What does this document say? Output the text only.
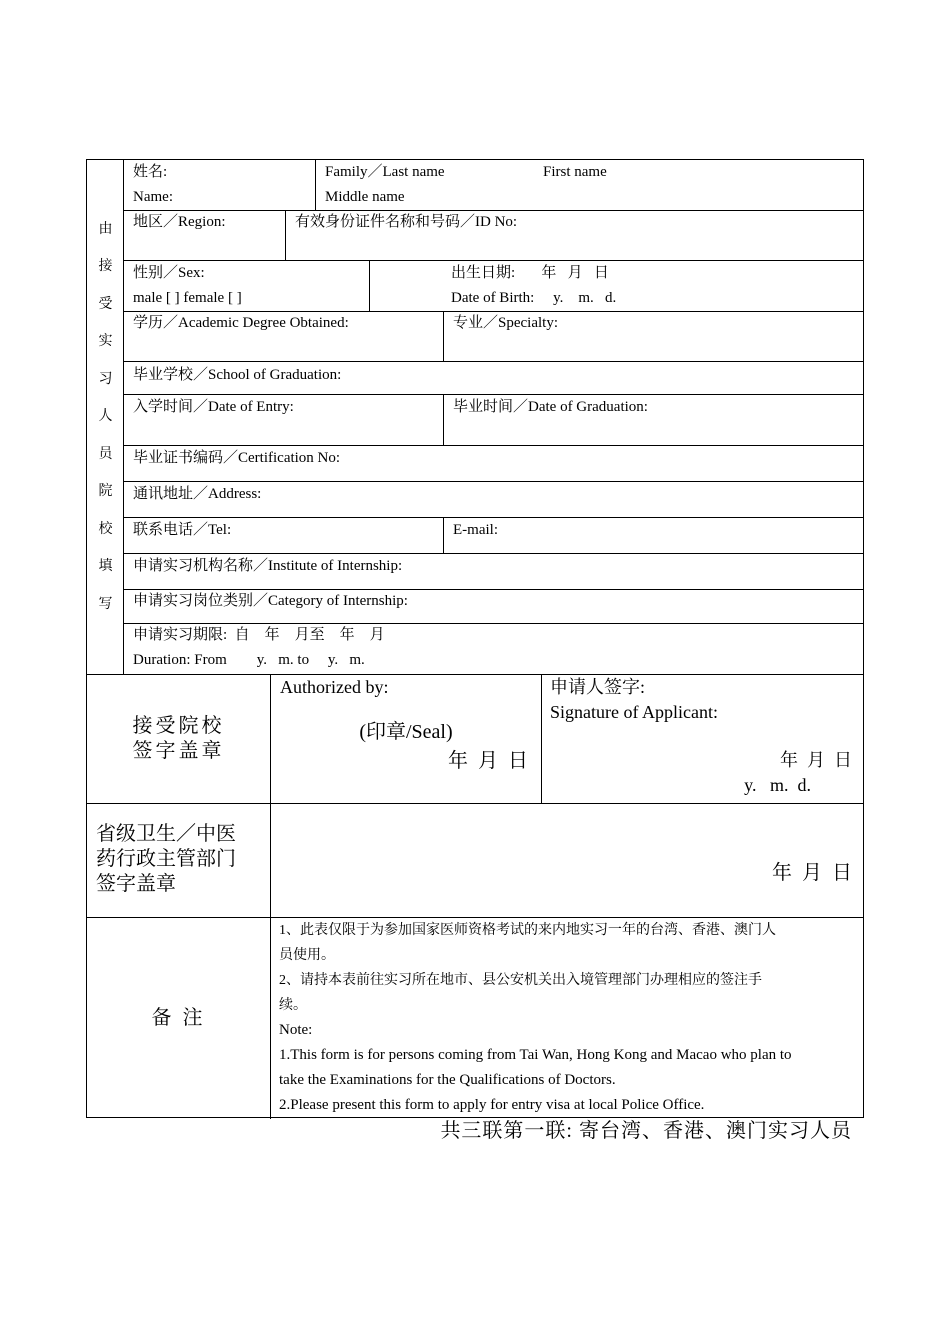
由
接
受
实
习
人
员
院
校
填
写
姓名:
Name:
Family／Last name	First name
Middle name
地区／Region:	有效身份证件名称和号码／ID No:
性别／Sex:
male [ ] female [ ]
出生日期:       年   月   日
Date of Birth:     y.    m.   d.
学历／Academic Degree Obtained:	专业／Specialty:
毕业学校／School of Graduation:
入学时间／Date of Entry:	毕业时间／Date of Graduation:
毕业证书编码／Certification No:
通讯地址／Address:
联系电话／Tel:	E-mail:
申请实习机构名称／Institute of Internship:
申请实习岗位类别／Category of Internship:
申请实习期限:  自    年    月至    年    月
Duration: From        y.   m. to     y.   m.
接受院校
签字盖章
Authorized by:
(印章/Seal)
年  月  日
申请人签字:
Signature of Applicant:
年  月  日
y.   m.  d.
省级卫生／中医
药行政主管部门
签字盖章	年  月  日
备 注
1、此表仅限于为参加国家医师资格考试的来内地实习一年的台湾、香港、澳门人
员使用。
2、请持本表前往实习所在地市、县公安机关出入境管理部门办理相应的签注手
续。
Note:
1.This form is for persons coming from Tai Wan, Hong Kong and Macao who plan to
take the Examinations for the Qualifications of Doctors.
2.Please present this form to apply for entry visa at local Police Office.
共三联第一联: 寄台湾、香港、澳门实习人员
